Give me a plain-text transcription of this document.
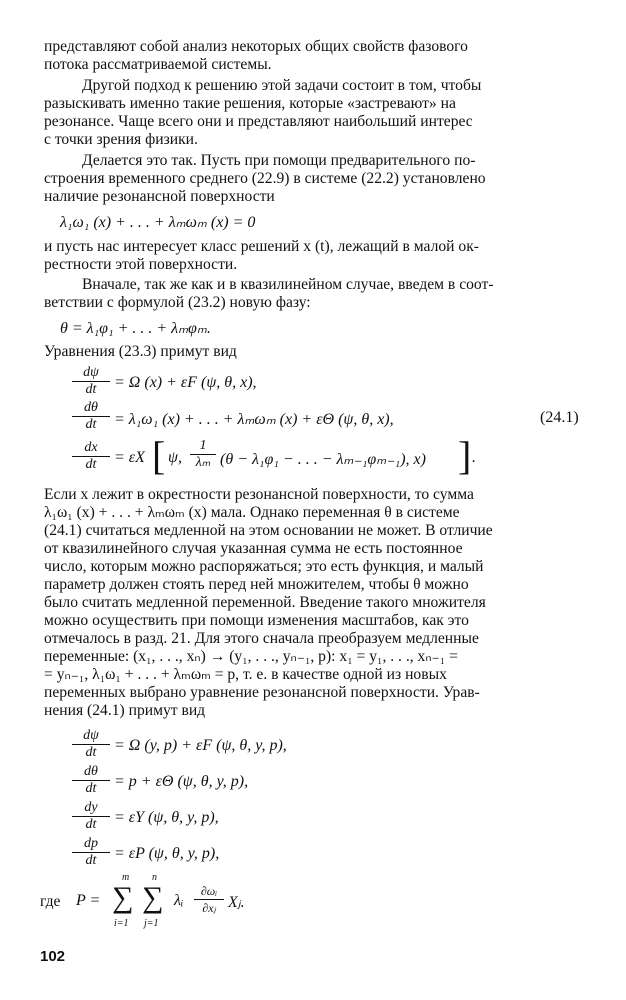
представляют собой анализ некоторых общих свойств фазового
потока рассматриваемой системы.
Другой подход к решению этой задачи состоит в том, чтобы
разыскивать именно такие решения, которые «застревают» на
резонансе. Чаще всего они и представляют наибольший интерес
с точки зрения физики.
Делается это так. Пусть при помощи предварительного по-
строения временного среднего (22.9) в системе (22.2) установлено
наличие резонансной поверхности
λ₁ω₁ (x) + . . . + λₘωₘ (x) = 0
и пусть нас интересует класс решений x (t), лежащий в малой ок-
рестности этой поверхности.
Вначале, так же как и в квазилинейном случае, введем в соот-
ветствии с формулой (23.2) новую фазу:
θ = λ₁φ₁ + . . . + λₘφₘ.
Уравнения (23.3) примут вид
$\frac{d\psi}{dt} = \Omega$ (x) + εF (ψ, θ, x),
$\frac{d\theta}{dt} = \lambda_1\omega_1$ (x) + . . . + λₘωₘ (x) + εΘ (ψ, θ, x),	(24.1)
$\frac{dx}{dt} = \varepsilon X$ [ ψ, $\frac{1}{\text{λₘ}} (\theta - \lambda_1\varphi_1$ − . . . − λₘ₋₁φₘ₋₁), x) ] .
Если x лежит в окрестности резонансной поверхности, то сумма
λ₁ω₁ (x) + . . . + λₘωₘ (x) мала. Однако переменная θ в системе
(24.1) считаться медленной на этом основании не может. В отличие
от квазилинейного случая указанная сумма не есть постоянное
число, которым можно распоряжаться; это есть функция, и малый
параметр должен стоять перед ней множителем, чтобы θ можно
было считать медленной переменной. Введение такого множителя
можно осуществить при помощи изменения масштабов, как это
отмечалось в разд. 21. Для этого сначала преобразуем медленные
переменные: (x₁, . . ., xₙ) → (y₁, . . ., yₙ₋₁, p): x₁ = y₁, . . ., xₙ₋₁ =
= yₙ₋₁, λ₁ω₁ + . . . + λₘωₘ = p, т. е. в качестве одной из новых
переменных выбрано уравнение резонансной поверхности. Урав-
нения (24.1) примут вид
$\frac{d\psi}{dt} = \Omega$ (y, p) + εF (ψ, θ, y, p),
$\frac{d\theta}{dt} = p + \varepsilon\Theta$ (ψ, θ, y, p),
$\frac{dy}{dt} = \varepsilon Y$ (ψ, θ, y, p),
$\frac{dp}{dt} = \varepsilon P$ (ψ, θ, y, p),
где P =
m
∑
i=1
n
∑
j=1
λᵢ $\frac{\text{∂ωᵢ}}{\text{∂xⱼ}}$ Xⱼ.
102
